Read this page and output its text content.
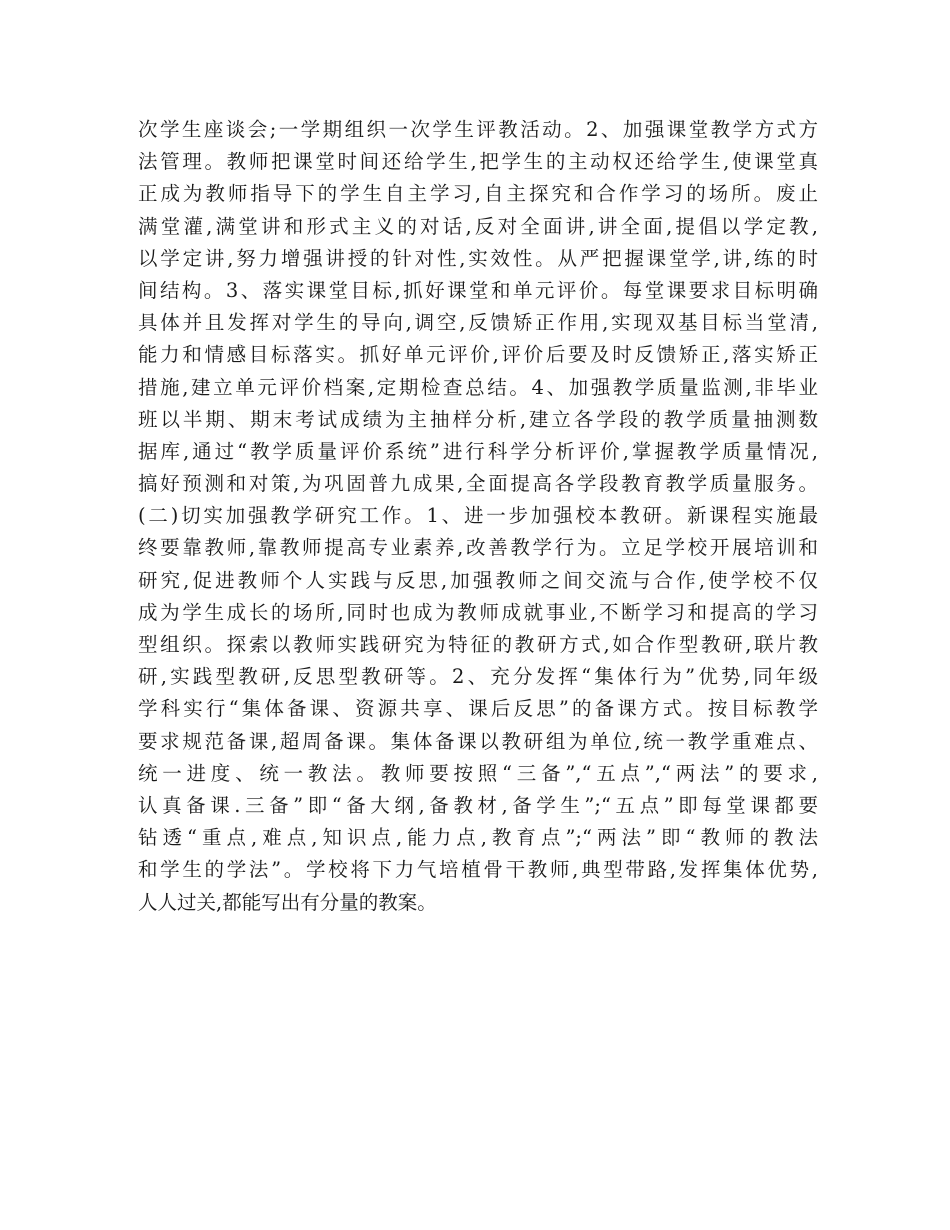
次学生座谈会;一学期组织一次学生评教活动。2、加强课堂教学方式方
法管理。教师把课堂时间还给学生,把学生的主动权还给学生,使课堂真
正成为教师指导下的学生自主学习,自主探究和合作学习的场所。废止
满堂灌,满堂讲和形式主义的对话,反对全面讲,讲全面,提倡以学定教,
以学定讲,努力增强讲授的针对性,实效性。从严把握课堂学,讲,练的时
间结构。3、落实课堂目标,抓好课堂和单元评价。每堂课要求目标明确
具体并且发挥对学生的导向,调空,反馈矫正作用,实现双基目标当堂清,
能力和情感目标落实。抓好单元评价,评价后要及时反馈矫正,落实矫正
措施,建立单元评价档案,定期检查总结。4、加强教学质量监测,非毕业
班以半期、期末考试成绩为主抽样分析,建立各学段的教学质量抽测数
据库,通过“教学质量评价系统”进行科学分析评价,掌握教学质量情况,
搞好预测和对策,为巩固普九成果,全面提高各学段教育教学质量服务。
(二)切实加强教学研究工作。1、进一步加强校本教研。新课程实施最
终要靠教师,靠教师提高专业素养,改善教学行为。立足学校开展培训和
研究,促进教师个人实践与反思,加强教师之间交流与合作,使学校不仅
成为学生成长的场所,同时也成为教师成就事业,不断学习和提高的学习
型组织。探索以教师实践研究为特征的教研方式,如合作型教研,联片教
研,实践型教研,反思型教研等。2、充分发挥“集体行为”优势,同年级
学科实行“集体备课、资源共享、课后反思”的备课方式。按目标教学
要求规范备课,超周备课。集体备课以教研组为单位,统一教学重难点、
统一进度、统一教法。教师要按照“三备”,“五点”,“两法”的要求,
认真备课.三备”即“备大纲,备教材,备学生”;“五点”即每堂课都要
钻透“重点,难点,知识点,能力点,教育点”;“两法”即“教师的教法
和学生的学法”。学校将下力气培植骨干教师,典型带路,发挥集体优势,
人人过关,都能写出有分量的教案。
